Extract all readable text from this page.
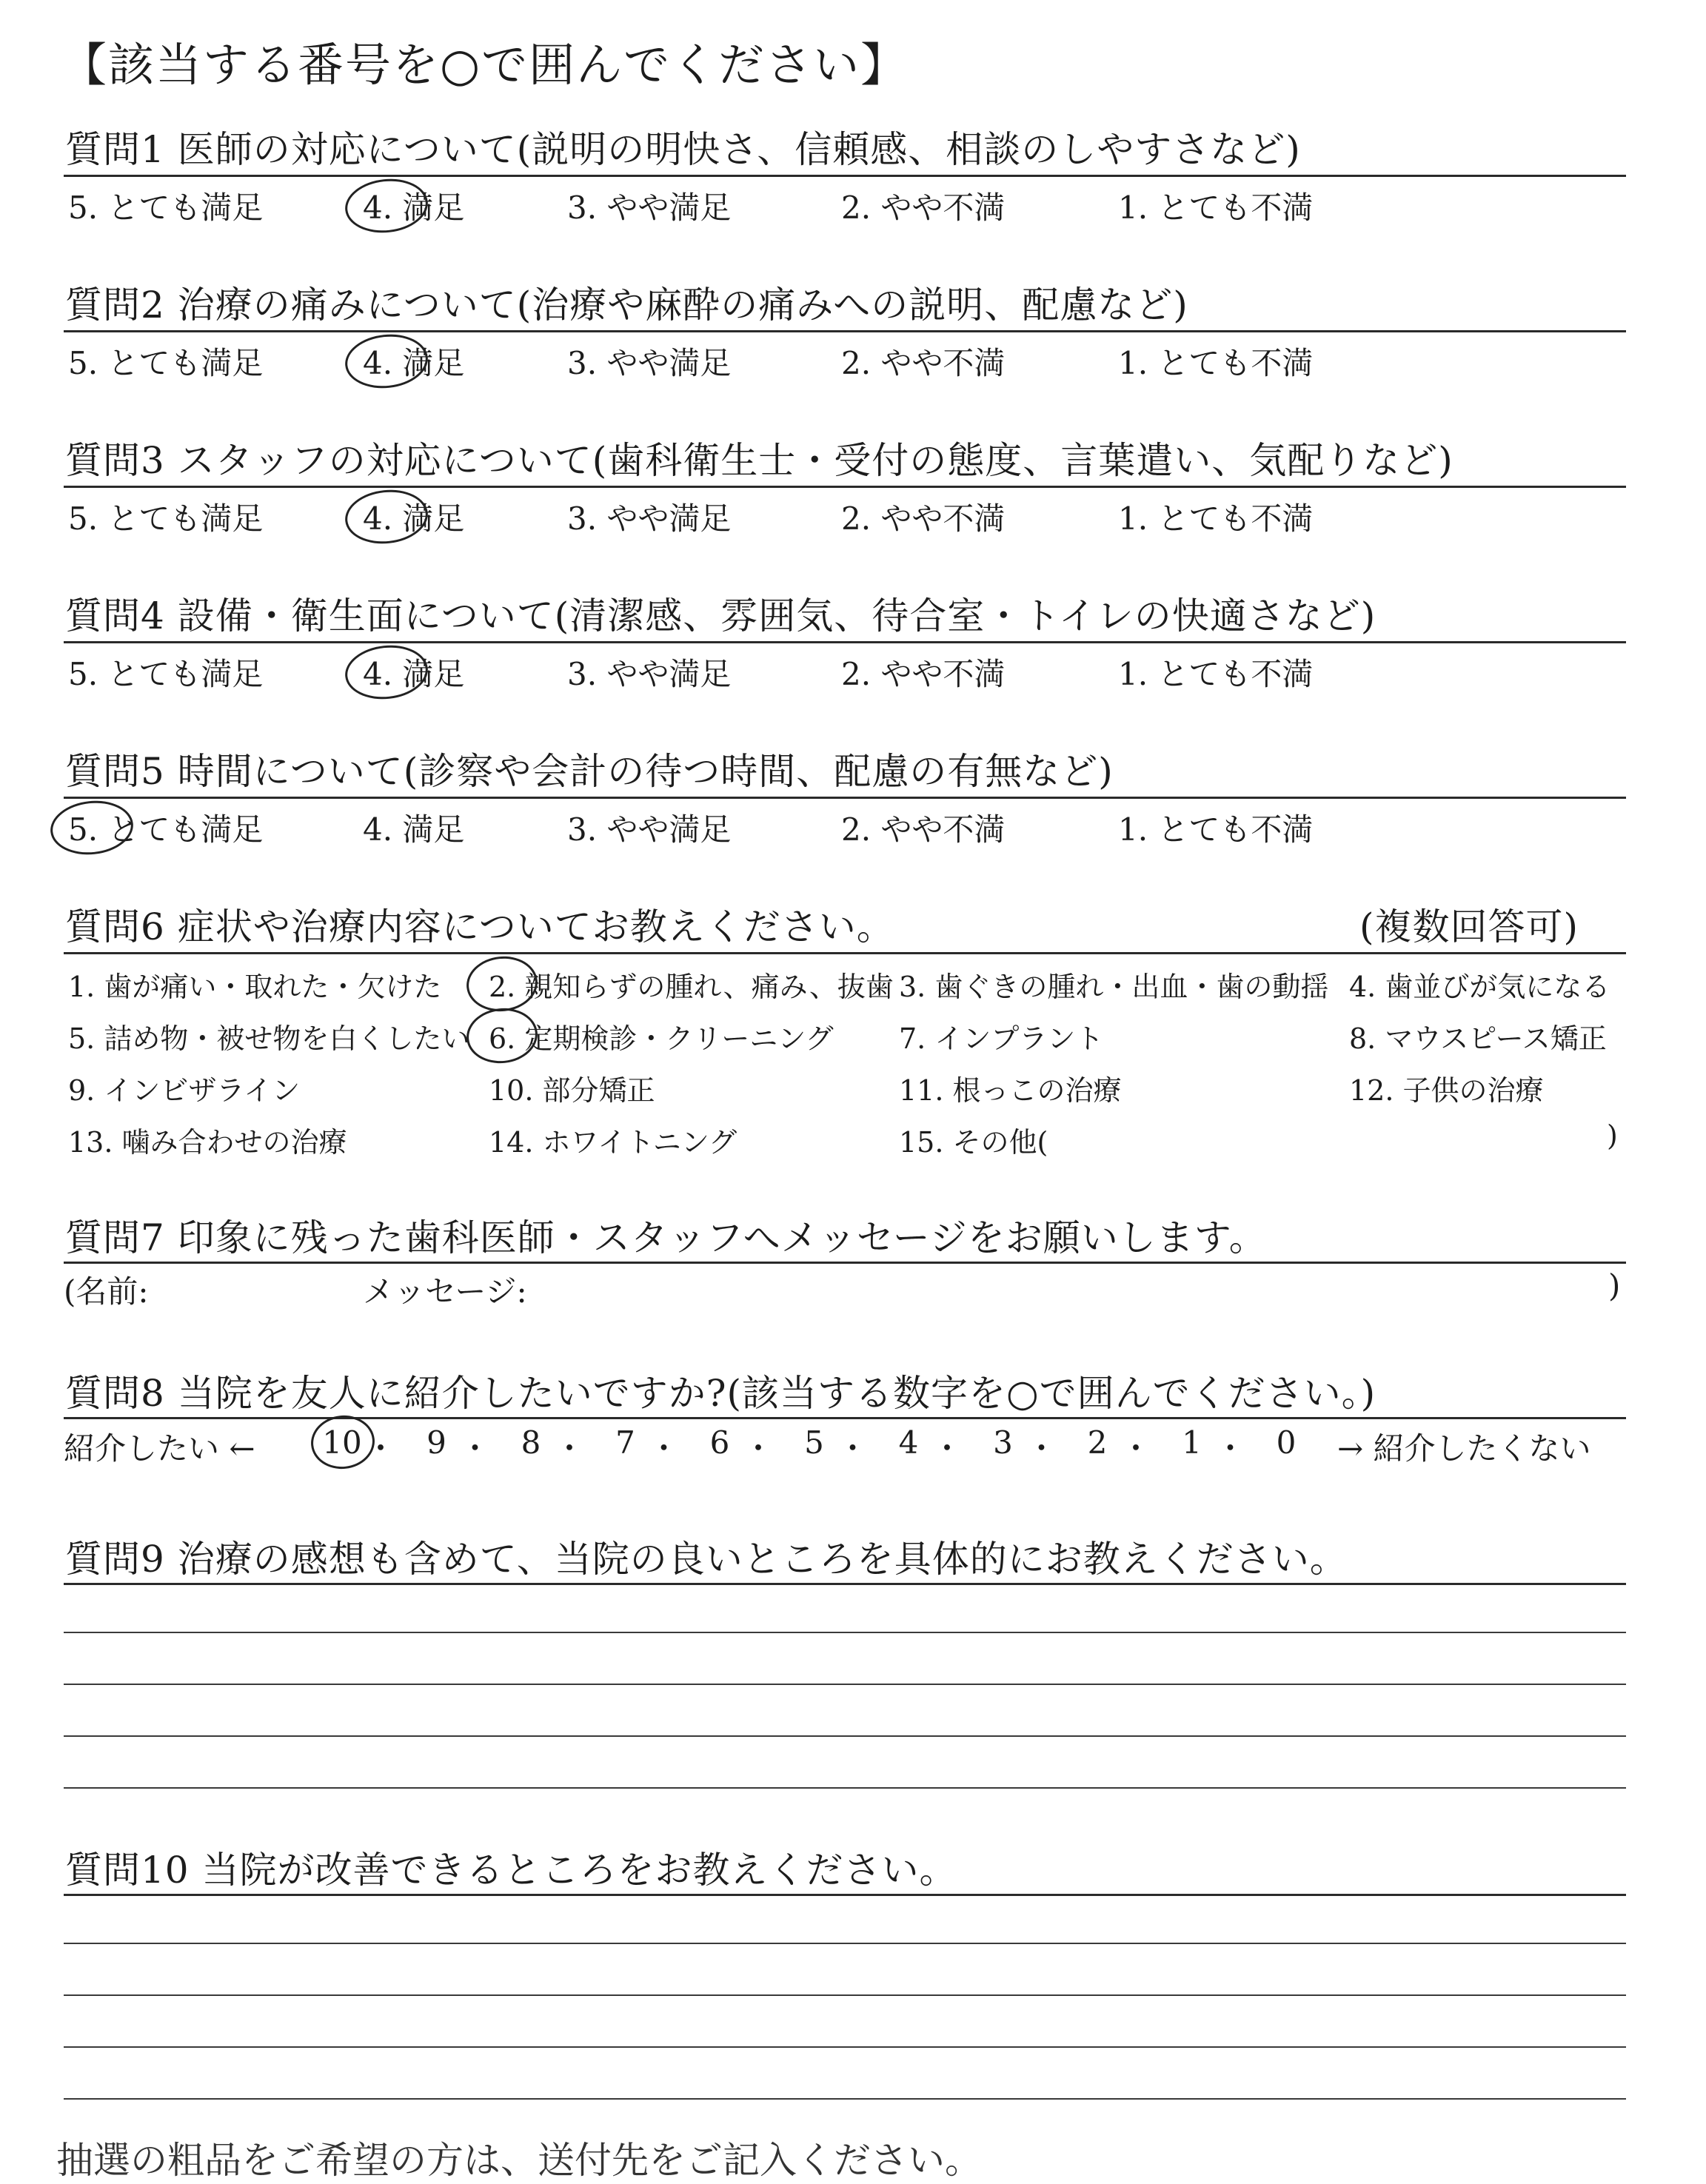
【該当する番号を○で囲んでください】
質問1 医師の対応について(説明の明快さ、信頼感、相談のしやすさなど)
質問2 治療の痛みについて(治療や麻酔の痛みへの説明、配慮など)
質問3 スタッフの対応について(歯科衛生士・受付の態度、言葉遣い、気配りなど)
質問4 設備・衛生面について(清潔感、雰囲気、待合室・トイレの快適さなど)
質問5 時間について(診察や会計の待つ時間、配慮の有無など)
5. とても満足	4. 満足	3. やや満足	2. やや不満	1. とても不満
5. とても満足	4. 満足	3. やや満足	2. やや不満	1. とても不満
5. とても満足	4. 満足	3. やや満足	2. やや不満	1. とても不満
5. とても満足	4. 満足	3. やや満足	2. やや不満	1. とても不満
5. とても満足	4. 満足	3. やや満足	2. やや不満	1. とても不満
質問6 症状や治療内容についてお教えください。	(複数回答可)
1. 歯が痛い・取れた・欠けた 2. 親知らずの腫れ、痛み、抜歯 3. 歯ぐきの腫れ・出血・歯の動揺 4. 歯並びが気になる
5. 詰め物・被せ物を白くしたい 6. 定期検診・クリーニング 7. インプラント	8. マウスピース矯正
9. インビザライン	10. 部分矯正	11. 根っこの治療	12. 子供の治療
13. 噛み合わせの治療	14. ホワイトニング	15. その他(	)
質問7 印象に残った歯科医師・スタッフへメッセージをお願いします。
(名前:	メッセージ:	)
質問8 当院を友人に紹介したいですか?(該当する数字を○で囲んでください。)
紹介したい ← 10 ・ 9 ・ 8 ・ 7 ・ 6 ・ 5 ・ 4 ・ 3 ・ 2 ・ 1 ・ 0	→ 紹介したくない
質問9 治療の感想も含めて、当院の良いところを具体的にお教えください。
質問10 当院が改善できるところをお教えください。
抽選の粗品をご希望の方は、送付先をご記入ください。
